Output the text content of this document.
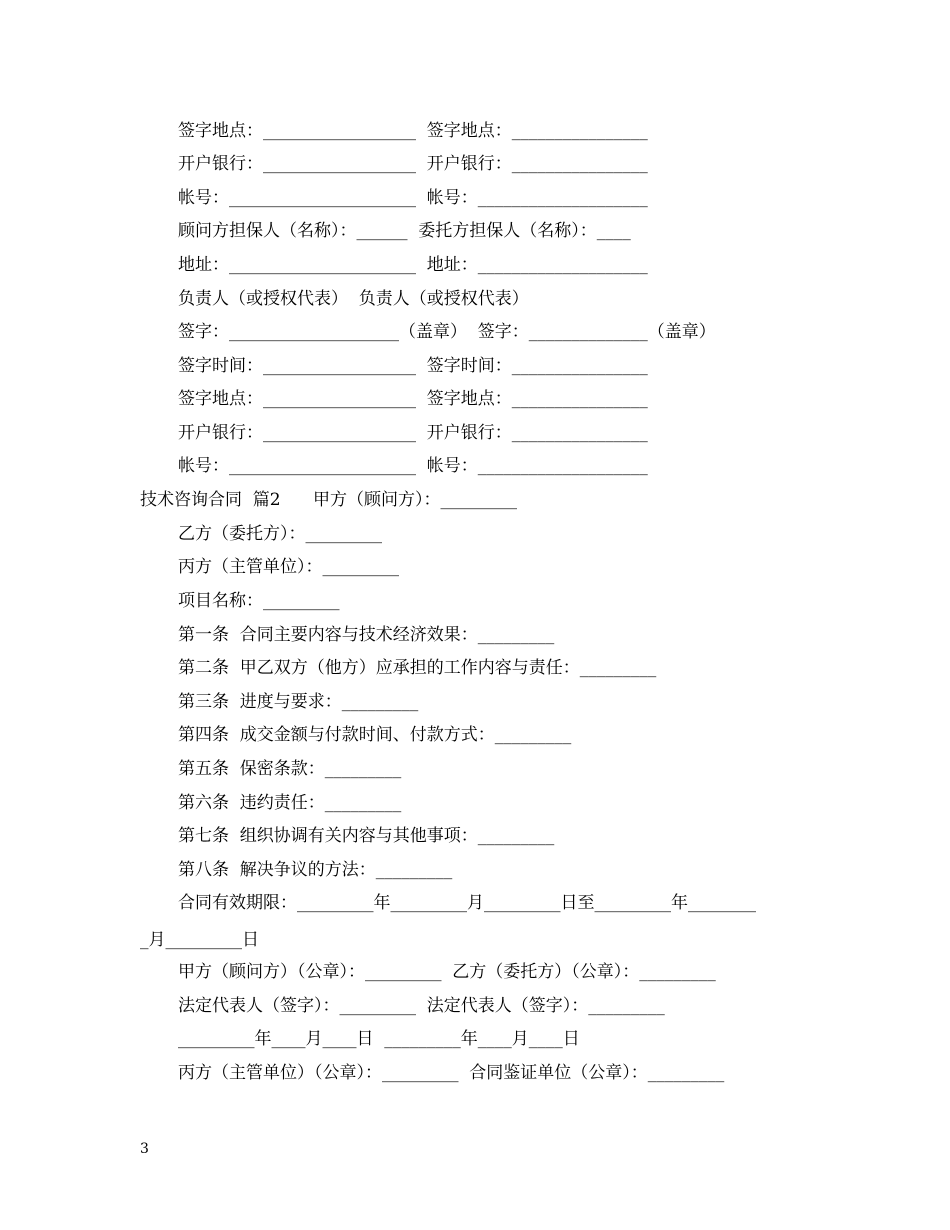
签字地点：__________________  签字地点：________________
开户银行：__________________  开户银行：________________
帐号：______________________  帐号：____________________
顾问方担保人（名称）：______  委托方担保人（名称）：____
地址：______________________  地址：____________________
负责人（或授权代表）  负责人（或授权代表）
签字：____________________（盖章）  签字：______________（盖章）
签字时间：__________________  签字时间：________________
签字地点：__________________  签字地点：________________
开户银行：__________________  开户银行：________________
帐号：______________________  帐号：____________________
技术咨询合同  篇2      甲方（顾问方）：_________
乙方（委托方）：_________
丙方（主管单位）：_________
项目名称：_________
第一条  合同主要内容与技术经济效果：_________
第二条  甲乙双方（他方）应承担的工作内容与责任：_________
第三条  进度与要求：_________
第四条  成交金额与付款时间、付款方式：_________
第五条  保密条款：_________
第六条  违约责任：_________
第七条  组织协调有关内容与其他事项：_________
第八条  解决争议的方法：_________
合同有效期限：_________年_________月_________日至_________年________
_月_________日
甲方（顾问方）（公章）：_________  乙方（委托方）（公章）：_________
法定代表人（签字）：_________  法定代表人（签字）：_________
_________年____月____日  _________年____月____日
丙方（主管单位）（公章）：_________  合同鉴证单位（公章）：_________
3
